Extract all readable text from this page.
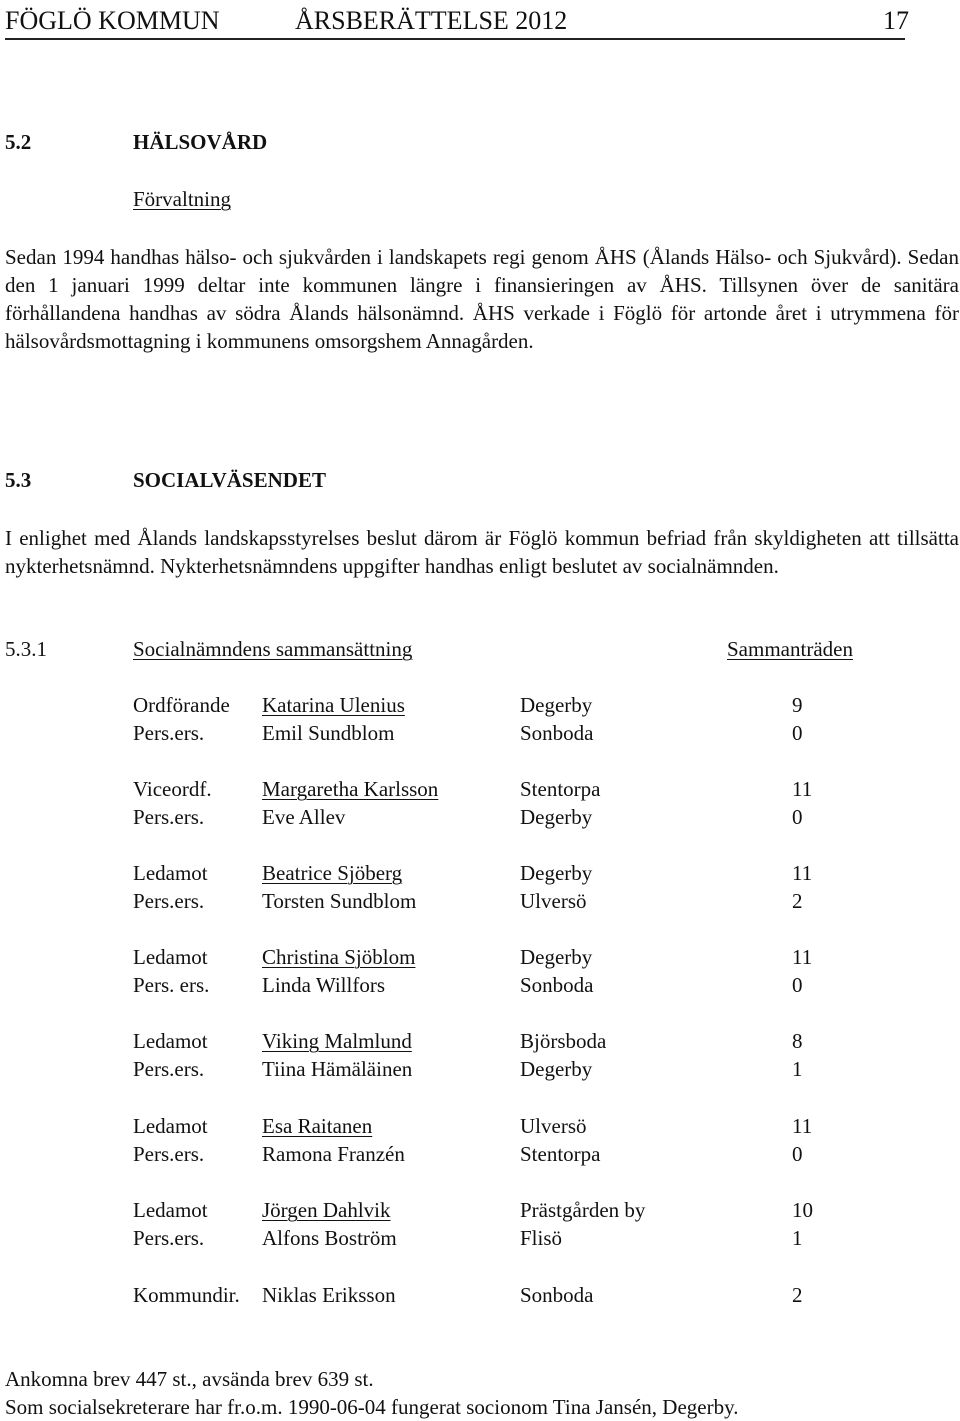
FÖGLÖ KOMMUN	ÅRSBERÄTTELSE 2012	17
5.2	HÄLSOVÅRD
Förvaltning

Sedan 1994 handhas hälso- och sjukvården i landskapets regi genom ÅHS (Ålands Hälso- och Sjukvård). Sedan den 1 januari 1999 deltar inte kommunen längre i finansieringen av ÅHS. Tillsynen över de sanitära förhållandena handhas av södra Ålands hälsonämnd. ÅHS verkade i Föglö för artonde året i utrymmena för hälsovårdsmottagning i kommunens omsorgshem Annagården.

5.3	SOCIALVÄSENDET

I enlighet med Ålands landskapsstyrelses beslut därom är Föglö kommun befriad från skyldigheten att tillsätta nykterhetsnämnd. Nykterhetsnämndens uppgifter handhas enligt beslutet av socialnämnden.

5.3.1	Socialnämndens sammansättning	Sammanträden
Ordförande Katarina Ulenius	Degerby	9
Pers.ers.	Emil Sundblom	Sonboda	0
Viceordf. Margaretha Karlsson	Stentorpa	11
Pers.ers.	Eve Allev	Degerby	0
Ledamot	Beatrice Sjöberg	Degerby	11
Pers.ers.	Torsten Sundblom	Ulversö	2
Ledamot	Christina Sjöblom	Degerby	11
Pers. ers.	Linda Willfors	Sonboda	0
Ledamot	Viking Malmlund	Björsboda	8
Pers.ers.	Tiina Hämäläinen	Degerby	1
Ledamot	Esa Raitanen	Ulversö	11
Pers.ers.	Ramona Franzén	Stentorpa	0
Ledamot	Jörgen Dahlvik	Prästgården by	10
Pers.ers.	Alfons Boström	Flisö	1
Kommundir. Niklas Eriksson	Sonboda	2
Ankomna brev 447 st., avsända brev 639 st.
Som socialsekreterare har fr.o.m. 1990-06-04 fungerat socionom Tina Jansén, Degerby.
